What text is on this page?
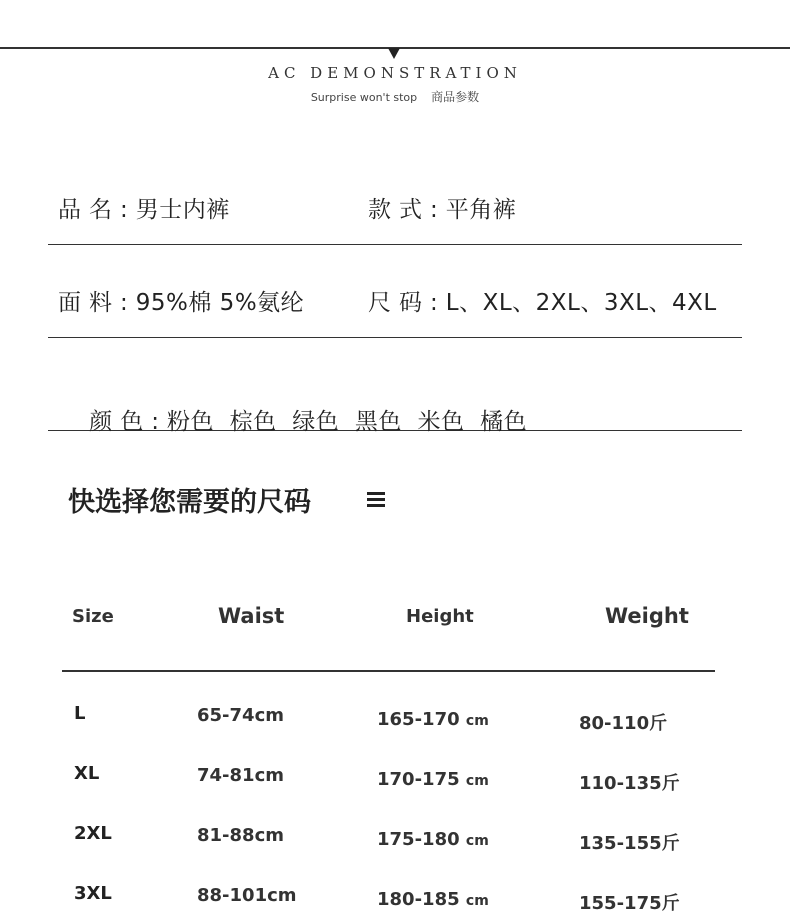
AC DEMONSTRATION
Surprise won't stop 商品参数
品名:男士内裤	款式:平角裤
面料:95%棉 5%氨纶	尺码:L、XL、2XL、3XL、4XL

颜色:粉色  棕色  绿色  黑色  米色  橘色

快选择您需要的尺码
Size	Waist	Height	Weight
L	65-74cm	165-170 cm	80-110斤
XL	74-81cm	170-175 cm	110-135斤
2XL	81-88cm	175-180 cm	135-155斤
3XL	88-101cm	180-185 cm	155-175斤
